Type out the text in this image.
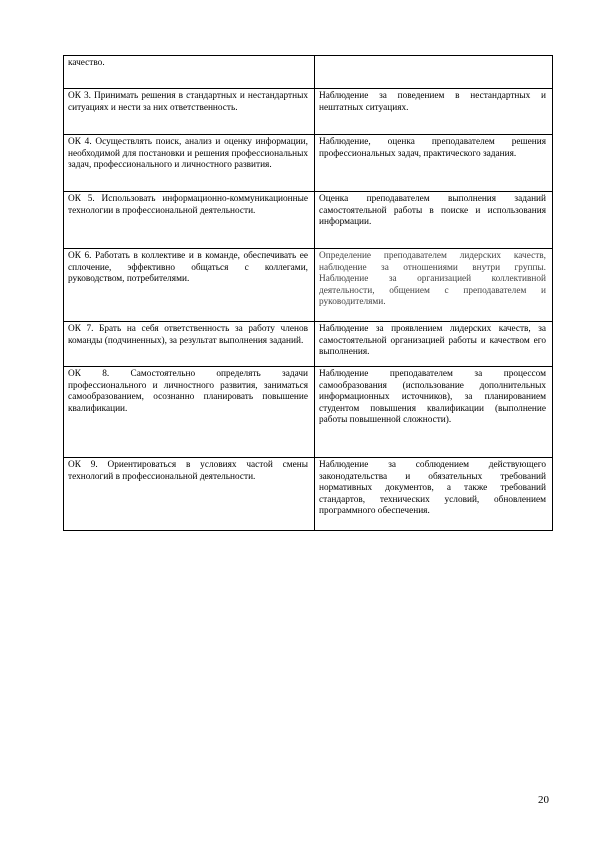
качество.	
ОК 3. Принимать решения в стандартных и нестандартных ситуациях и нести за них ответственность.	Наблюдение за поведением в нестандартных и нештатных ситуациях.
ОК 4. Осуществлять поиск, анализ и оценку информации, необходимой для постановки и решения профессиональных задач, профессионального и личностного развития.	Наблюдение, оценка преподавателем решения профессиональных задач, практического задания.
ОК 5. Использовать информационно-коммуникационные технологии в профессиональной деятельности.	Оценка преподавателем выполнения заданий самостоятельной работы в поиске и использования информации.
ОК 6. Работать в коллективе и в команде, обеспечивать ее сплочение, эффективно общаться с коллегами, руководством, потребителями.	Определение преподавателем лидерских качеств, наблюдение за отношениями внутри группы. Наблюдение за организацией коллективной деятельности, общением с преподавателем и руководителями.
ОК 7. Брать на себя ответственность за работу членов команды (подчиненных), за результат выполнения заданий.	Наблюдение за проявлением лидерских качеств, за самостоятельной организацией работы и качеством его выполнения.
ОК 8. Самостоятельно определять задачи профессионального и личностного развития, заниматься самообразованием, осознанно планировать повышение квалификации.	Наблюдение преподавателем за процессом самообразования (использование дополнительных информационных источников), за планированием студентом повышения квалификации (выполнение работы повышенной сложности).
ОК 9. Ориентироваться в условиях частой смены технологий в профессиональной деятельности.	Наблюдение за соблюдением действующего законодательства и обязательных требований нормативных документов, а также требований стандартов, технических условий, обновлением программного обеспечения.
20
